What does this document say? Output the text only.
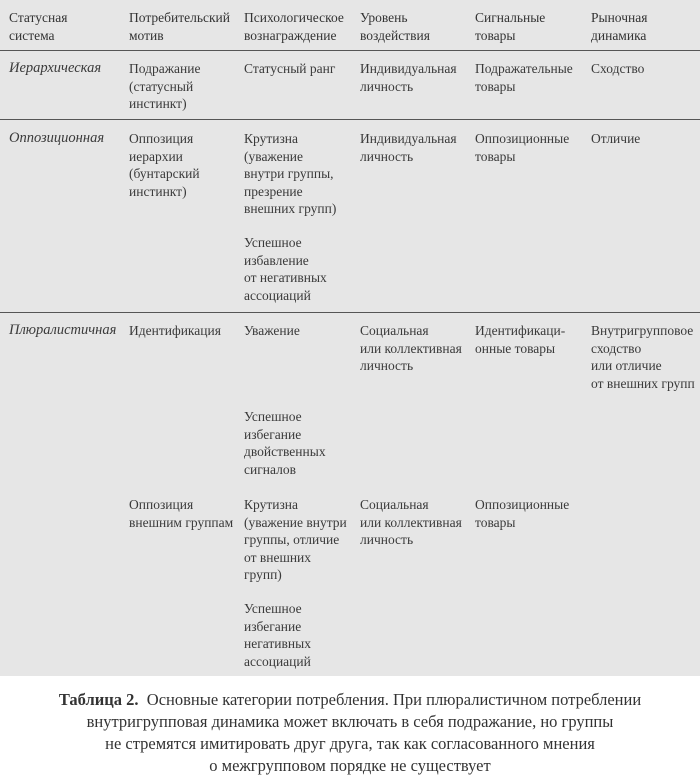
Статусная
система
Потребительский
мотив
Психологическое
вознаграждение
Уровень
воздействия
Сигнальные
товары
Рыночная
динамика
Иерархическая Подражание
(статусный
инстинкт)
Статусный ранг Индивидуальная
личность
Подражательные
товары
Сходство
Оппозиционная Оппозиция
иерархии
(бунтарский
инстинкт)
Крутизна
(уважение
внутри группы,
презрение
внешних групп)
Успешное
избавление
от негативных
ассоциаций
Индивидуальная
личность
Оппозиционные
товары
Отличие
Плюралистичная Идентификация Уважение	Социальная
или коллективная
личность
Идентификаци-
онные товары
Внутригрупповое
сходство
или отличие
от внешних групп
Успешное
избегание
двойственных
сигналов
Оппозиция
внешним группам
Крутизна
(уважение внутри
группы, отличие
от внешних
групп)
Социальная
или коллективная
личность
Оппозиционные
товары
Успешное
избегание
негативных
ассоциаций
Таблица 2. Основные категории потребления. При плюралистичном потреблении
внутригрупповая динамика может включать в себя подражание, но группы
не стремятся имитировать друг друга, так как согласованного мнения
о межгрупповом порядке не существует
